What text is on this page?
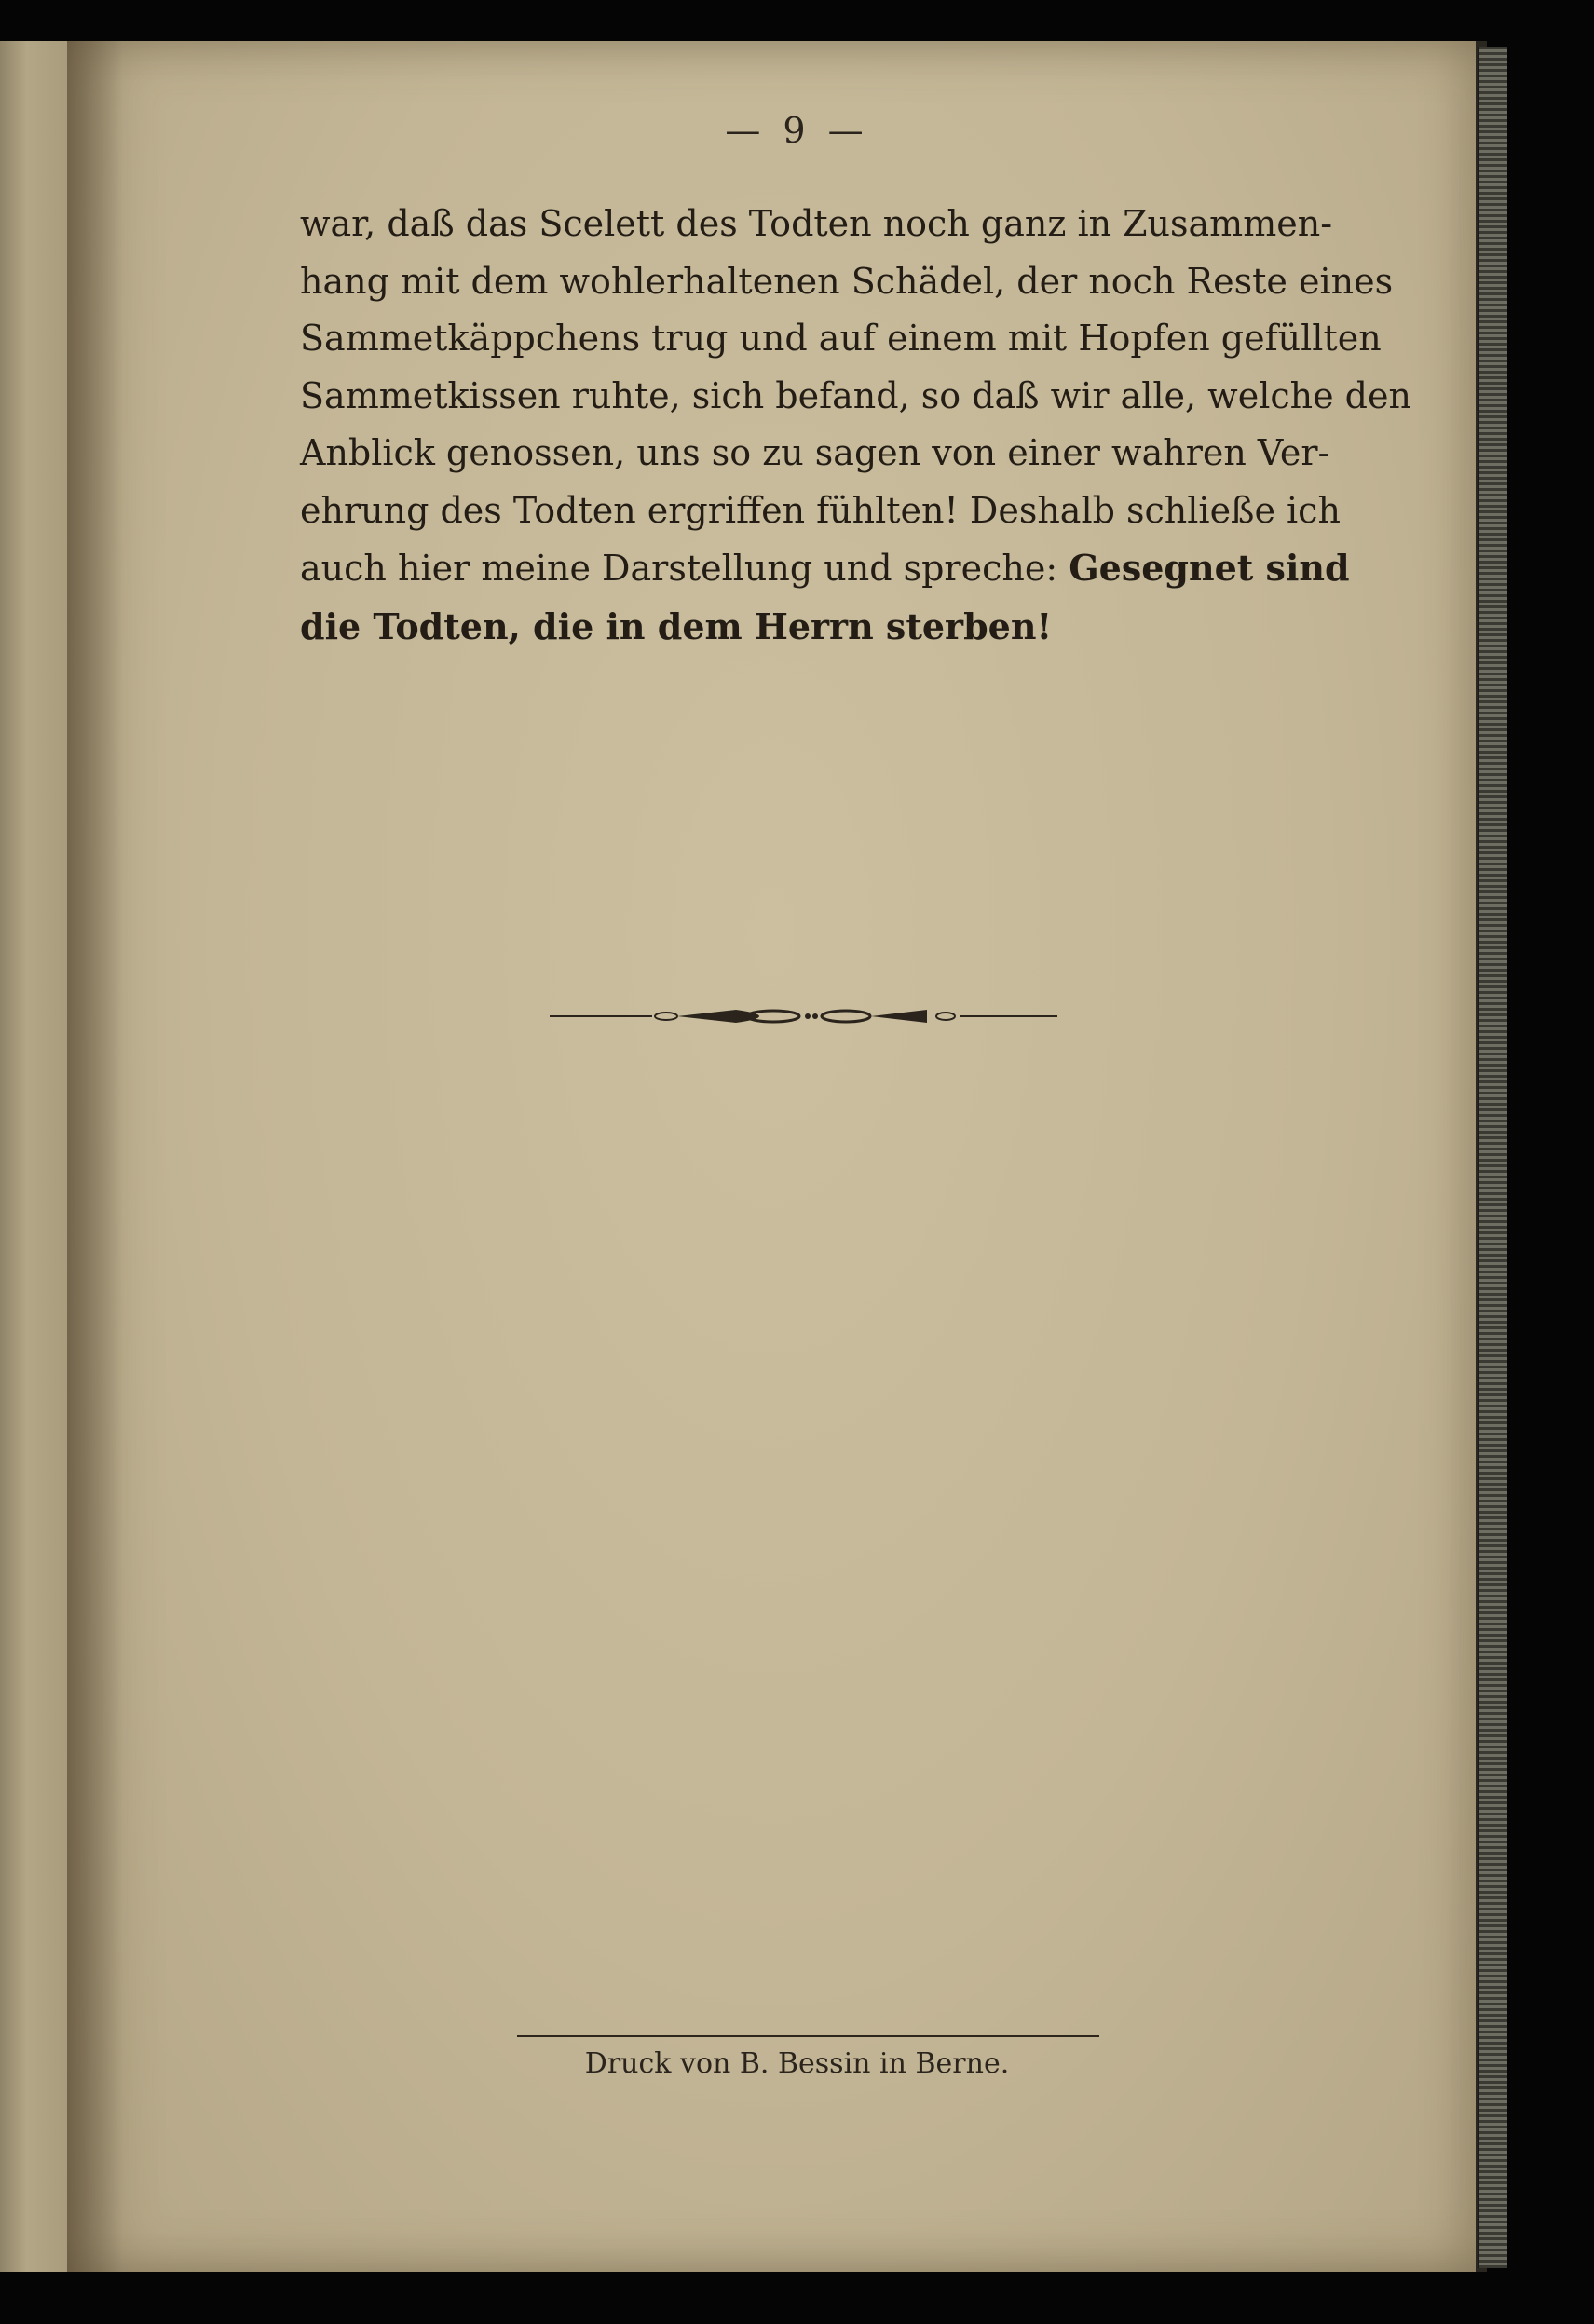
— 9 —
war, daß das Scelett des Todten noch ganz in Zusammen-
hang mit dem wohlerhaltenen Schädel, der noch Reste eines
Sammetkäppchens trug und auf einem mit Hopfen gefüllten
Sammetkissen ruhte, sich befand, so daß wir alle, welche den
Anblick genossen, uns so zu sagen von einer wahren Ver-
ehrung des Todten ergriffen fühlten! Deshalb schließe ich
auch hier meine Darstellung und spreche: Gesegnet sind
die Todten, die in dem Herrn sterben!
Druck von B. Bessin in Berne.
